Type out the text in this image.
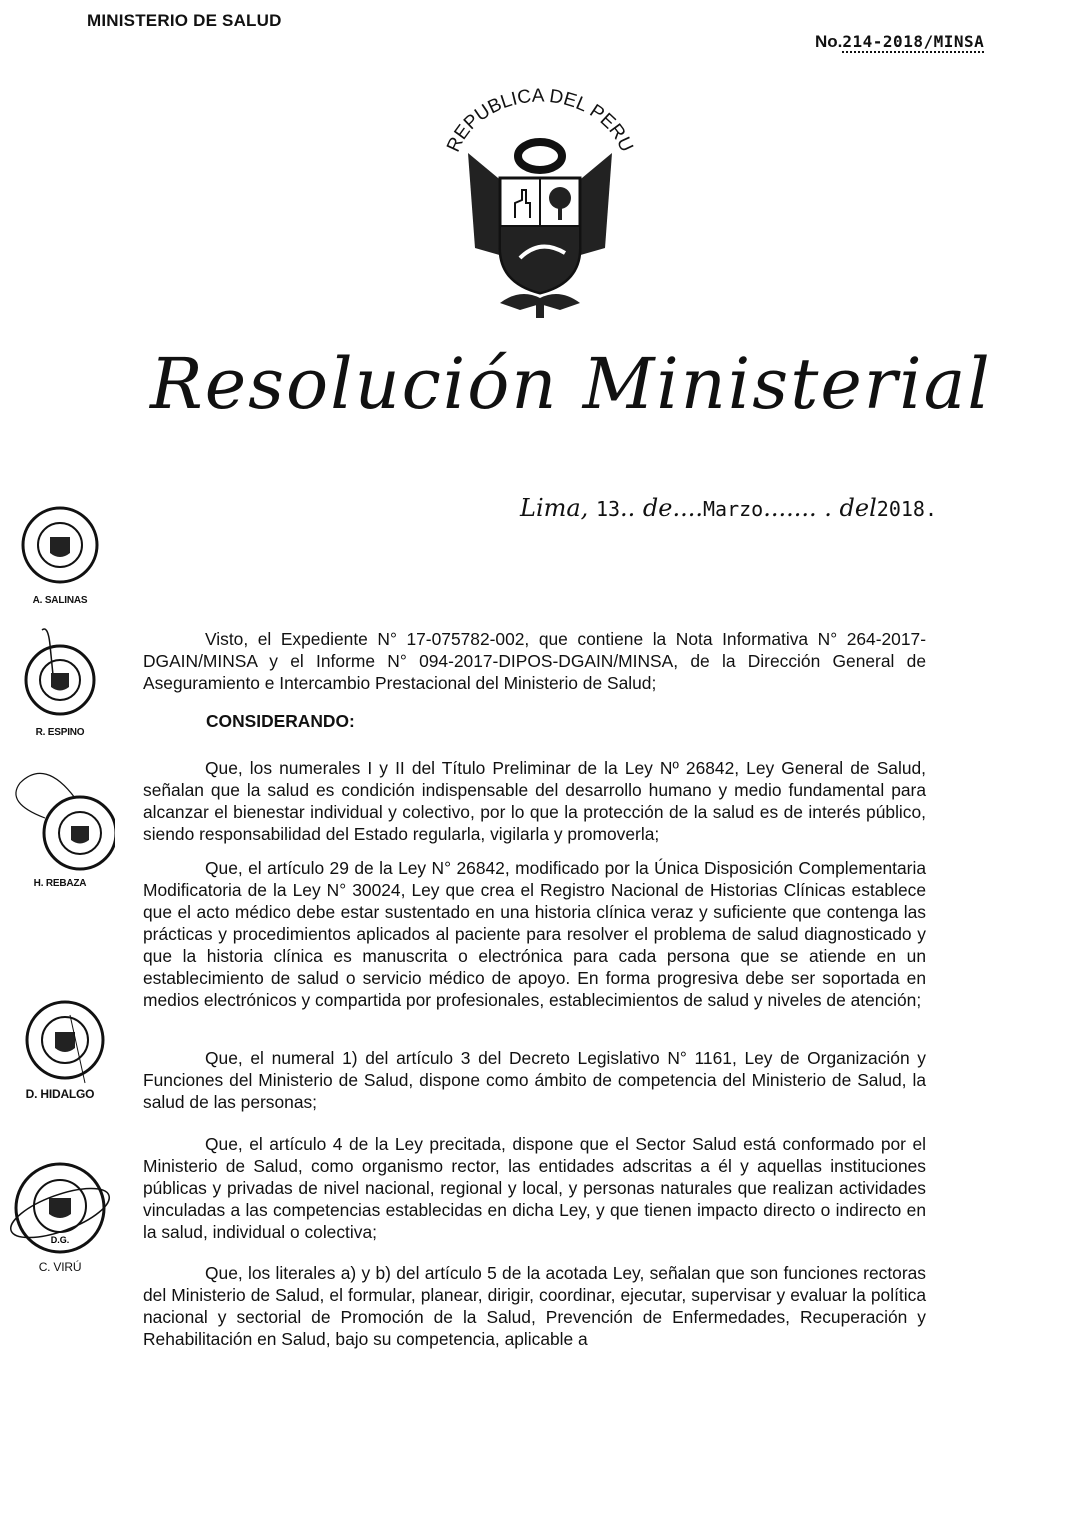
MINISTERIO DE SALUD
No.214-2018/MINSA
REPUBLICA DEL PERU
Resolución Ministerial
Lima, 13.. de....Marzo....... . del2018.
A. SALINAS
R. ESPINO
H. REBAZA
D. HIDALGO
D.G.
C. VIRÚ

Visto, el Expediente N° 17-075782-002, que contiene la Nota Informativa N° 264-2017-DGAIN/MINSA y el Informe N° 094-2017-DIPOS-DGAIN/MINSA, de la Dirección General de Aseguramiento e Intercambio Prestacional del Ministerio de Salud;

CONSIDERANDO:

Que, los numerales I y II del Título Preliminar de la Ley Nº 26842, Ley General de Salud, señalan que la salud es condición indispensable del desarrollo humano y medio fundamental para alcanzar el bienestar individual y colectivo, por lo que la protección de la salud es de interés público, siendo responsabilidad del Estado regularla, vigilarla y promoverla;

Que, el artículo 29 de la Ley N° 26842, modificado por la Única Disposición Complementaria Modificatoria de la Ley N° 30024, Ley que crea el Registro Nacional de Historias Clínicas establece que el acto médico debe estar sustentado en una historia clínica veraz y suficiente que contenga las prácticas y procedimientos aplicados al paciente para resolver el problema de salud diagnosticado y que la historia clínica es manuscrita o electrónica para cada persona que se atiende en un establecimiento de salud o servicio médico de apoyo. En forma progresiva debe ser soportada en medios electrónicos y compartida por profesionales, establecimientos de salud y niveles de atención;

Que, el numeral 1) del artículo 3 del Decreto Legislativo N° 1161, Ley de Organización y Funciones del Ministerio de Salud, dispone como ámbito de competencia del Ministerio de Salud, la salud de las personas;

Que, el artículo 4 de la Ley precitada, dispone que el Sector Salud está conformado por el Ministerio de Salud, como organismo rector, las entidades adscritas a él y aquellas instituciones públicas y privadas de nivel nacional, regional y local, y personas naturales que realizan actividades vinculadas a las competencias establecidas en dicha Ley, y que tienen impacto directo o indirecto en la salud, individual o colectiva;

Que, los literales a) y b) del artículo 5 de la acotada Ley, señalan que son funciones rectoras del Ministerio de Salud, el formular, planear, dirigir, coordinar, ejecutar, supervisar y evaluar la política nacional y sectorial de Promoción de la Salud, Prevención de Enfermedades, Recuperación y Rehabilitación en Salud, bajo su competencia, aplicable a
